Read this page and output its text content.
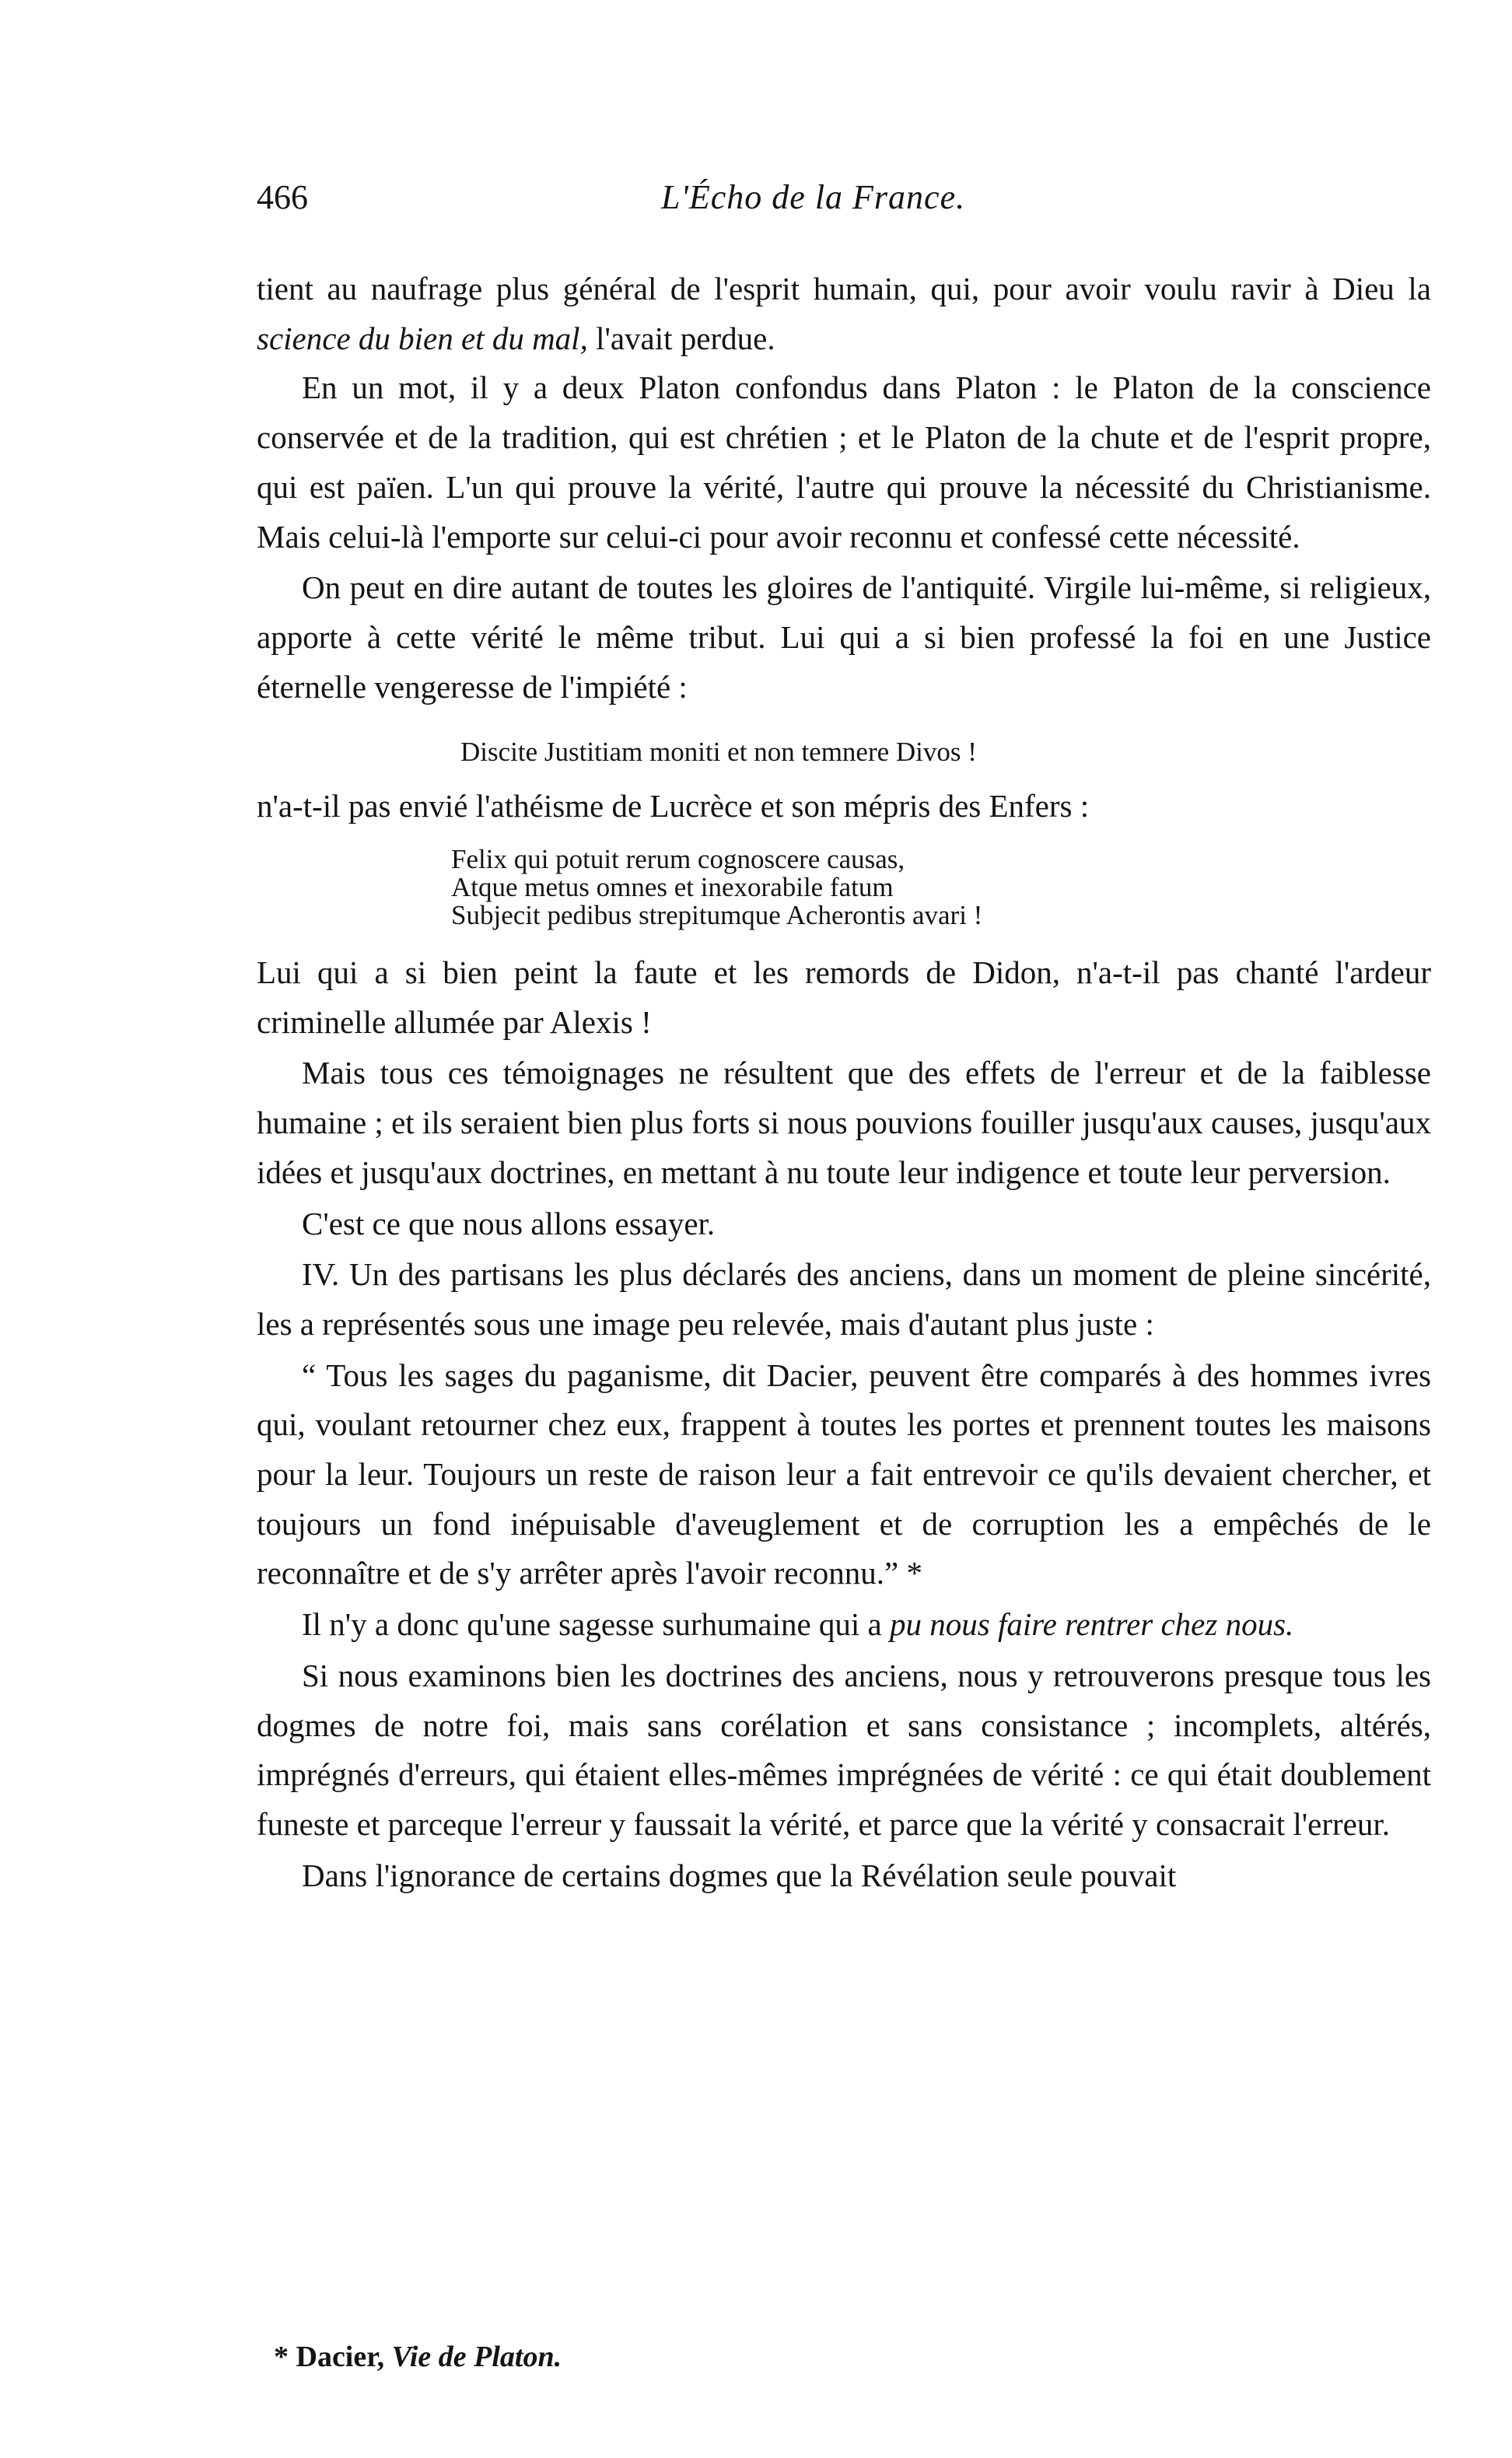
466	L'Écho de la France.

tient au naufrage plus général de l'esprit humain, qui, pour avoir voulu ravir à Dieu la science du bien et du mal, l'avait perdue.

En un mot, il y a deux Platon confondus dans Platon : le Platon de la conscience conservée et de la tradition, qui est chrétien ; et le Platon de la chute et de l'esprit propre, qui est païen. L'un qui prouve la vérité, l'autre qui prouve la nécessité du Christianisme. Mais celui-là l'emporte sur celui-ci pour avoir reconnu et confessé cette nécessité.

On peut en dire autant de toutes les gloires de l'antiquité. Virgile lui-même, si religieux, apporte à cette vérité le même tribut. Lui qui a si bien professé la foi en une Justice éternelle vengeresse de l'impiété :

Discite Justitiam moniti et non temnere Divos !

n'a-t-il pas envié l'athéisme de Lucrèce et son mépris des Enfers :

Felix qui potuit rerum cognoscere causas,
Atque metus omnes et inexorabile fatum
Subjecit pedibus strepitumque Acherontis avari !

Lui qui a si bien peint la faute et les remords de Didon, n'a-t-il pas chanté l'ardeur criminelle allumée par Alexis !

Mais tous ces témoignages ne résultent que des effets de l'erreur et de la faiblesse humaine ; et ils seraient bien plus forts si nous pouvions fouiller jusqu'aux causes, jusqu'aux idées et jusqu'aux doctrines, en mettant à nu toute leur indigence et toute leur perversion.

C'est ce que nous allons essayer.

IV. Un des partisans les plus déclarés des anciens, dans un moment de pleine sincérité, les a représentés sous une image peu relevée, mais d'autant plus juste :

“ Tous les sages du paganisme, dit Dacier, peuvent être comparés à des hommes ivres qui, voulant retourner chez eux, frappent à toutes les portes et prennent toutes les maisons pour la leur. Toujours un reste de raison leur a fait entrevoir ce qu'ils devaient chercher, et toujours un fond inépuisable d'aveuglement et de corruption les a empêchés de le reconnaître et de s'y arrêter après l'avoir reconnu.” *

Il n'y a donc qu'une sagesse surhumaine qui a pu nous faire rentrer chez nous.

Si nous examinons bien les doctrines des anciens, nous y retrouverons presque tous les dogmes de notre foi, mais sans corélation et sans consistance ; incomplets, altérés, imprégnés d'erreurs, qui étaient elles-mêmes imprégnées de vérité : ce qui était doublement funeste et parceque l'erreur y faussait la vérité, et parce que la vérité y consacrait l'erreur.

Dans l'ignorance de certains dogmes que la Révélation seule pouvait

* Dacier, Vie de Platon.
